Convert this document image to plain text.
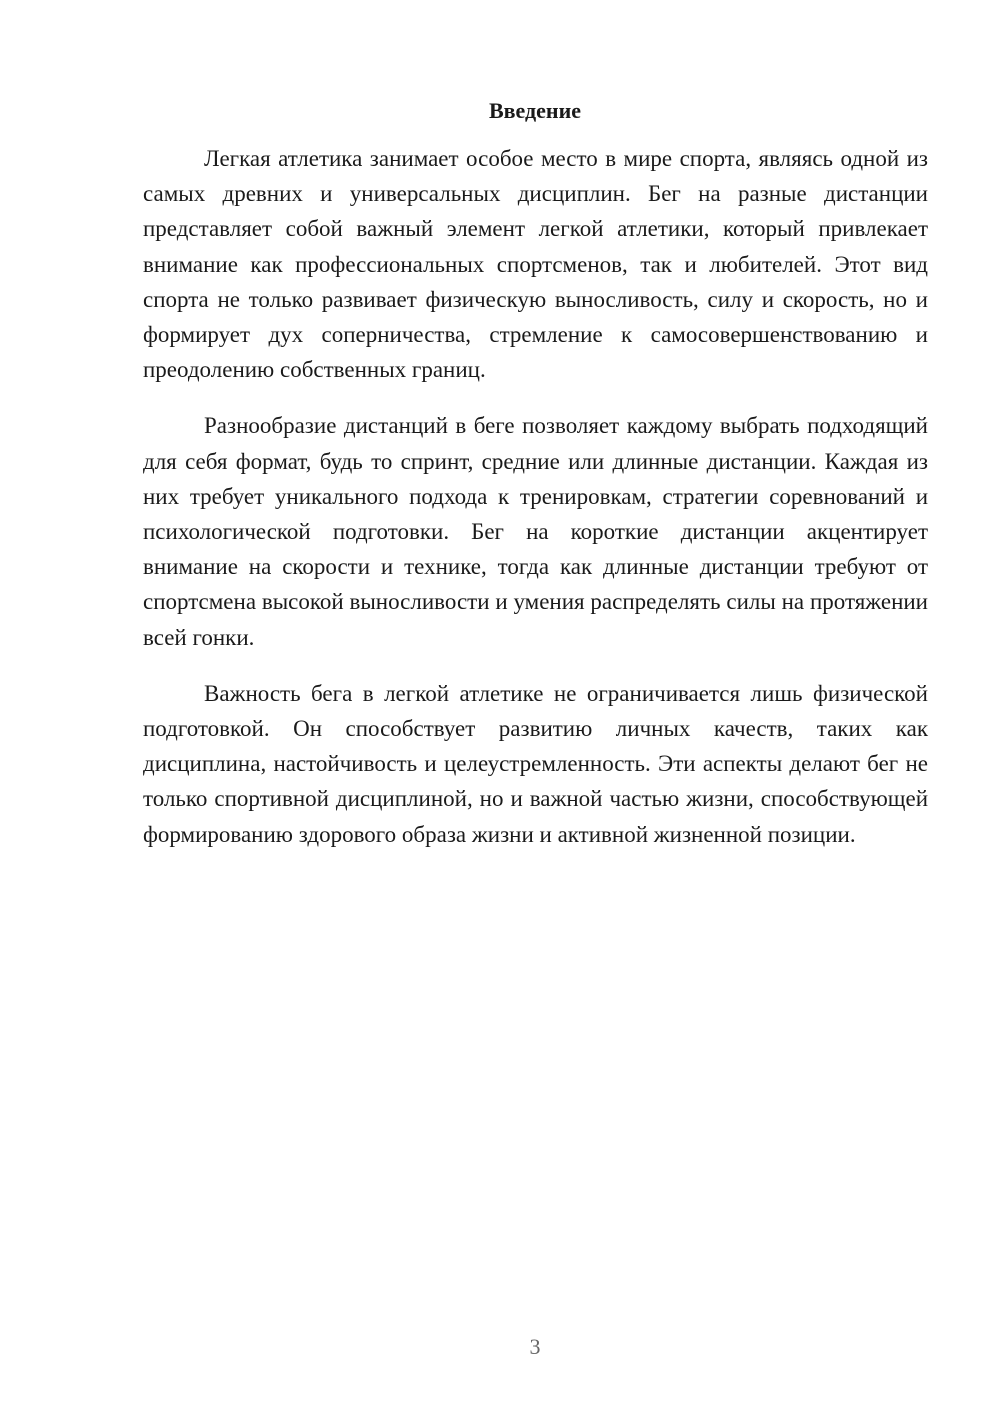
Введение

Легкая атлетика занимает особое место в мире спорта, являясь одной из самых древних и универсальных дисциплин. Бег на разные дистанции представляет собой важный элемент легкой атлетики, который привлекает внимание как профессиональных спортсменов, так и любителей. Этот вид спорта не только развивает физическую выносливость, силу и скорость, но и формирует дух соперничества, стремление к самосовершенствованию и преодолению собственных границ.

Разнообразие дистанций в беге позволяет каждому выбрать подходящий для себя формат, будь то спринт, средние или длинные дистанции. Каждая из них требует уникального подхода к тренировкам, стратегии соревнований и психологической подготовки. Бег на короткие дистанции акцентирует внимание на скорости и технике, тогда как длинные дистанции требуют от спортсмена высокой выносливости и умения распределять силы на протяжении всей гонки.

Важность бега в легкой атлетике не ограничивается лишь физической подготовкой. Он способствует развитию личных качеств, таких как дисциплина, настойчивость и целеустремленность. Эти аспекты делают бег не только спортивной дисциплиной, но и важной частью жизни, способствующей формированию здорового образа жизни и активной жизненной позиции.

3
